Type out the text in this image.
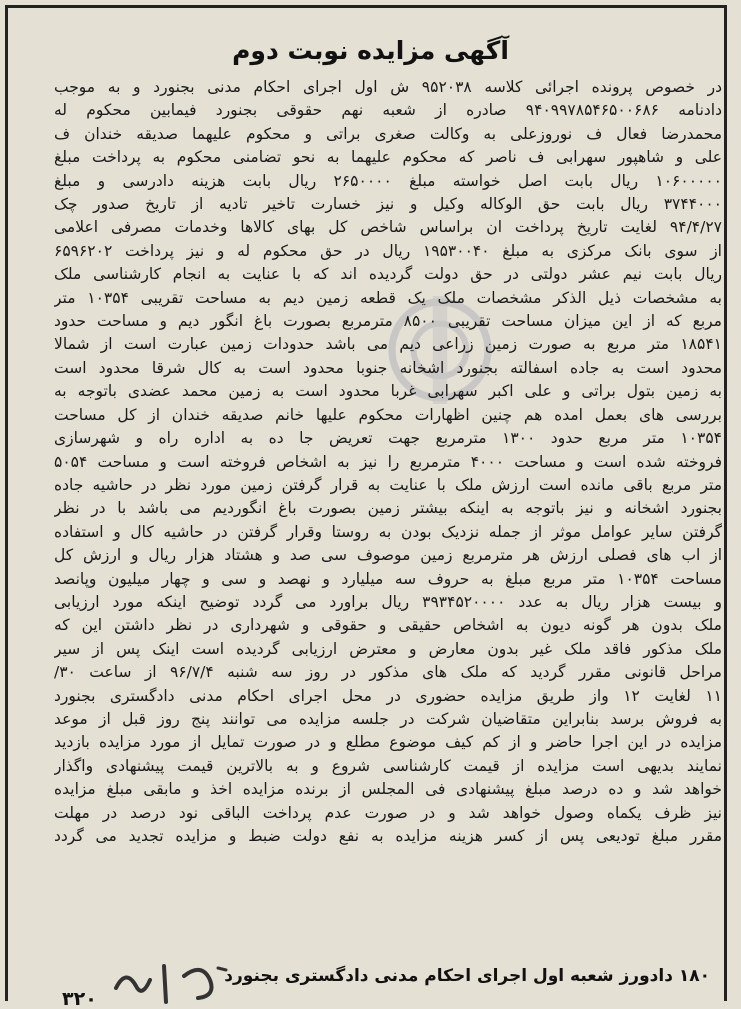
آگهی مزایده نوبت دوم
در خصوص پرونده اجرائی کلاسه ۹۵۲۰۳۸ ش اول اجرای احکام مدنی بجنورد و به موجب
دادنامه ۹۴۰۹۹۷۸۵۴۶۵۰۰۶۸۶ صادره از شعبه نهم حقوقی بجنورد فیمابین محکوم له
محمدرضا فعال ف نوروزعلی به وکالت صغری براتی و محکوم علیهما صدیقه خندان ف
علی و شاهپور سهرابی ف ناصر که محکوم علیهما به نحو تضامنی محکوم به پرداخت مبلغ
۱۰۶۰۰۰۰۰ ریال بابت اصل خواسته مبلغ ۲۶۵۰۰۰۰ ریال بابت هزینه دادرسی و مبلغ
۳۷۴۴۰۰۰ ریال بابت حق الوکاله وکیل و نیز خسارت تاخیر تادیه از تاریخ صدور چک
۹۴/۴/۲۷ لغایت تاریخ پرداخت ان براساس شاخص کل بهای کالاها وخدمات مصرفی اعلامی
از سوی بانک مرکزی به مبلغ ۱۹۵۳۰۰۴۰ ریال در حق محکوم له و نیز پرداخت ۶۵۹۶۲۰۲
ریال بابت نیم عشر دولتی در حق دولت گردیده اند که با عنایت به انجام کارشناسی ملک
به مشخصات ذیل الذکر مشخصات ملک یک قطعه زمین دیم به مساحت تقریبی ۱۰۳۵۴ متر
مربع که از این میزان مساحت تقریبی ۸۵۰۰ مترمربع بصورت باغ انگور دیم و مساحت حدود
۱۸۵۴۱ متر مربع به صورت زمین زراعی دیم می باشد حدودات زمین عبارت است از شمالا
محدود است به جاده اسفالته بجنورد اشخانه جنوبا محدود است به کال شرقا محدود است
به زمین بتول براتی و علی اکبر سهرابی غربا محدود است به زمین محمد عضدی باتوجه به
بررسی های بعمل امده هم چنین اظهارات محکوم علیها خانم صدیقه خندان از کل مساحت
۱۰۳۵۴ متر مربع حدود ۱۳۰۰ مترمربع جهت تعریض جا ده به اداره راه و شهرسازی
فروخته شده است و مساحت ۴۰۰۰ مترمربع را نیز به اشخاص فروخته است و مساحت ۵۰۵۴
متر مربع باقی مانده است ارزش ملک با عنایت به قرار گرفتن زمین مورد نظر در حاشیه جاده
بجنورد اشخانه و نیز باتوجه به اینکه بیشتر زمین بصورت باغ انگوردیم می باشد با در نظر
گرفتن سایر عوامل موثر از جمله نزدیک بودن به روستا وقرار گرفتن در حاشیه کال و استفاده
از اب های فصلی ارزش هر مترمربع زمین موصوف سی صد و هشتاد هزار ریال و ارزش کل
مساحت ۱۰۳۵۴ متر مربع مبلغ به حروف سه میلیارد و نهصد و سی و چهار میلیون وپانصد
و بیست هزار ریال به عدد ۳۹۳۴۵۲۰۰۰۰ ریال براورد می گردد توضیح اینکه مورد ارزیابی
ملک بدون هر گونه دیون به اشخاص حقیقی و حقوقی و شهرداری در نظر داشتن این که
ملک مذکور فاقد ملک غیر بدون معارض و معترض ارزیابی گردیده است اینک پس از سیر
مراحل قانونی مقرر گردید که ملک های مذکور در روز سه شنبه ۹۶/۷/۴ از ساعت ۳۰/
۱۱ لغایت ۱۲ واز طریق مزایده حضوری در محل اجرای احکام مدنی دادگستری بجنورد
به فروش برسد بنابراین متقاضیان شرکت در جلسه مزایده می توانند پنج روز قبل از موعد
مزایده در این اجرا حاضر و از کم کیف موضوع مطلع و در صورت تمایل از مورد مزایده بازدید
نمایند بدیهی است مزایده از قیمت کارشناسی شروع و به بالاترین قیمت پیشنهادی واگذار
خواهد شد و ده درصد مبلغ پیشنهادی فی المجلس از برنده مزایده اخذ و مابقی مبلغ مزایده
نیز ظرف یکماه وصول خواهد شد و در صورت عدم پرداخت الباقی نود درصد در مهلت
مقرر مبلغ تودیعی پس از کسر هزینه مزایده به نفع دولت ضبط و مزایده تجدید می گردد
۱۸۰ دادورز شعبه اول اجرای احکام مدنی دادگستری بجنورد
۳۲۰
